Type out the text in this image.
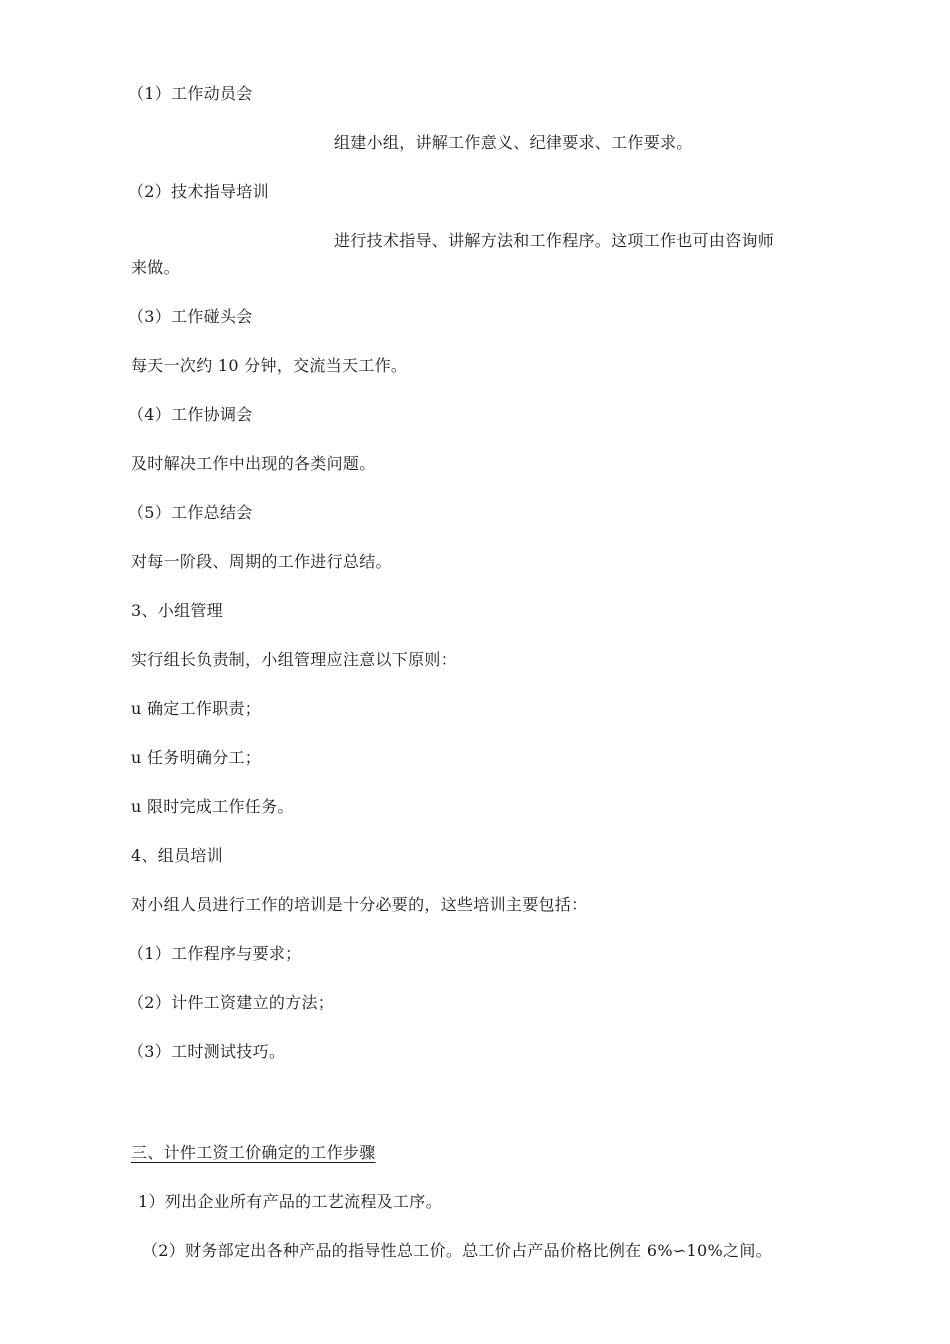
（1）工作动员会
组建小组，讲解工作意义、纪律要求、工作要求。
（2）技术指导培训
进行技术指导、讲解方法和工作程序。这项工作也可由咨询师
来做。
（3）工作碰头会
每天一次约 10 分钟，交流当天工作。
（4）工作协调会
及时解决工作中出现的各类问题。
（5）工作总结会
对每一阶段、周期的工作进行总结。
3、小组管理
实行组长负责制，小组管理应注意以下原则：
u 确定工作职责；
u 任务明确分工；
u 限时完成工作任务。
4、组员培训
对小组人员进行工作的培训是十分必要的，这些培训主要包括：
（1）工作程序与要求；
（2）计件工资建立的方法；
（3）工时测试技巧。
三、计件工资工价确定的工作步骤
1）列出企业所有产品的工艺流程及工序。
（2）财务部定出各种产品的指导性总工价。总工价占产品价格比例在 6%∽10%之间。
